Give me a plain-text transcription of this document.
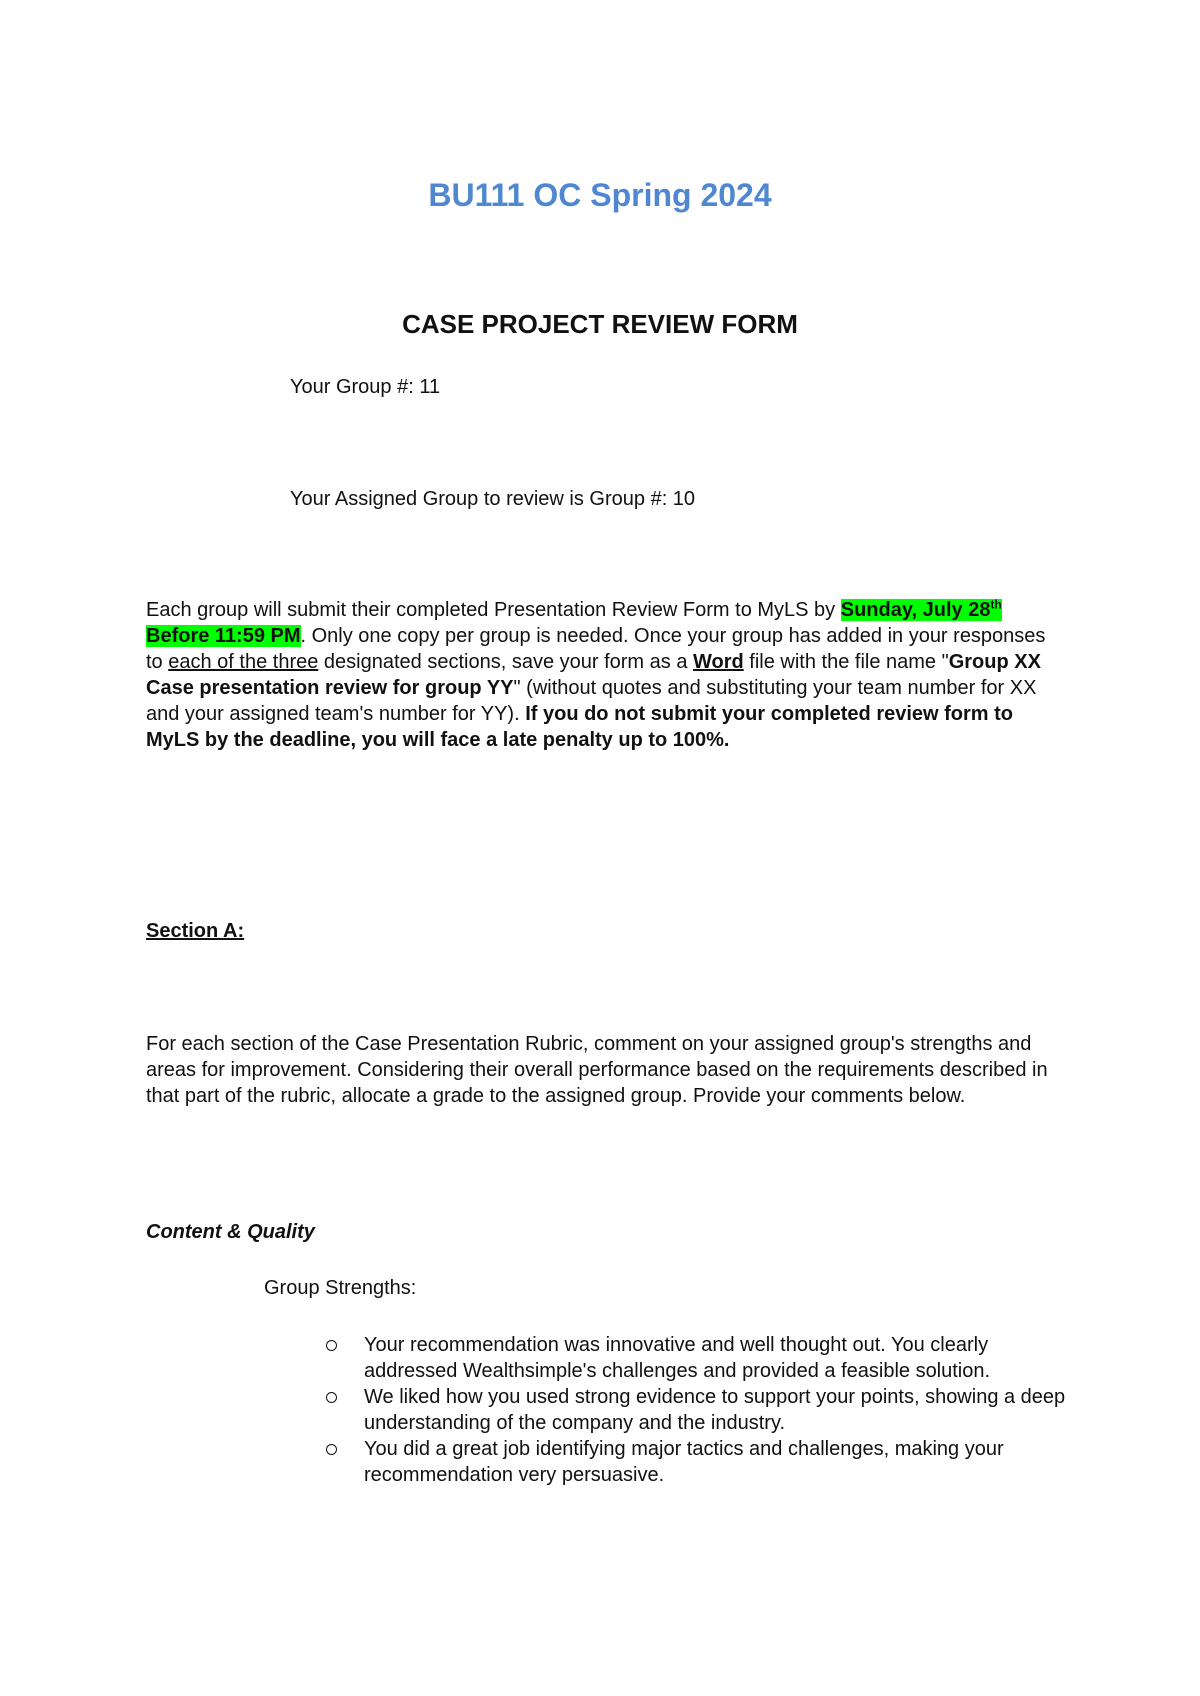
BU111 OC Spring 2024
CASE PROJECT REVIEW FORM
Your Group #: 11
Your Assigned Group to review is Group #: 10
Each group will submit their completed Presentation Review Form to MyLS by Sunday, July 28th Before 11:59 PM. Only one copy per group is needed. Once your group has added in your responses to each of the three designated sections, save your form as a Word file with the file name "Group XX Case presentation review for group YY" (without quotes and substituting your team number for XX and your assigned team's number for YY). If you do not submit your completed review form to MyLS by the deadline, you will face a late penalty up to 100%.
Section A:
For each section of the Case Presentation Rubric, comment on your assigned group's strengths and areas for improvement. Considering their overall performance based on the requirements described in that part of the rubric, allocate a grade to the assigned group. Provide your comments below.
Content & Quality
Group Strengths:
Your recommendation was innovative and well thought out. You clearly addressed Wealthsimple's challenges and provided a feasible solution.
We liked how you used strong evidence to support your points, showing a deep understanding of the company and the industry.
You did a great job identifying major tactics and challenges, making your recommendation very persuasive.
